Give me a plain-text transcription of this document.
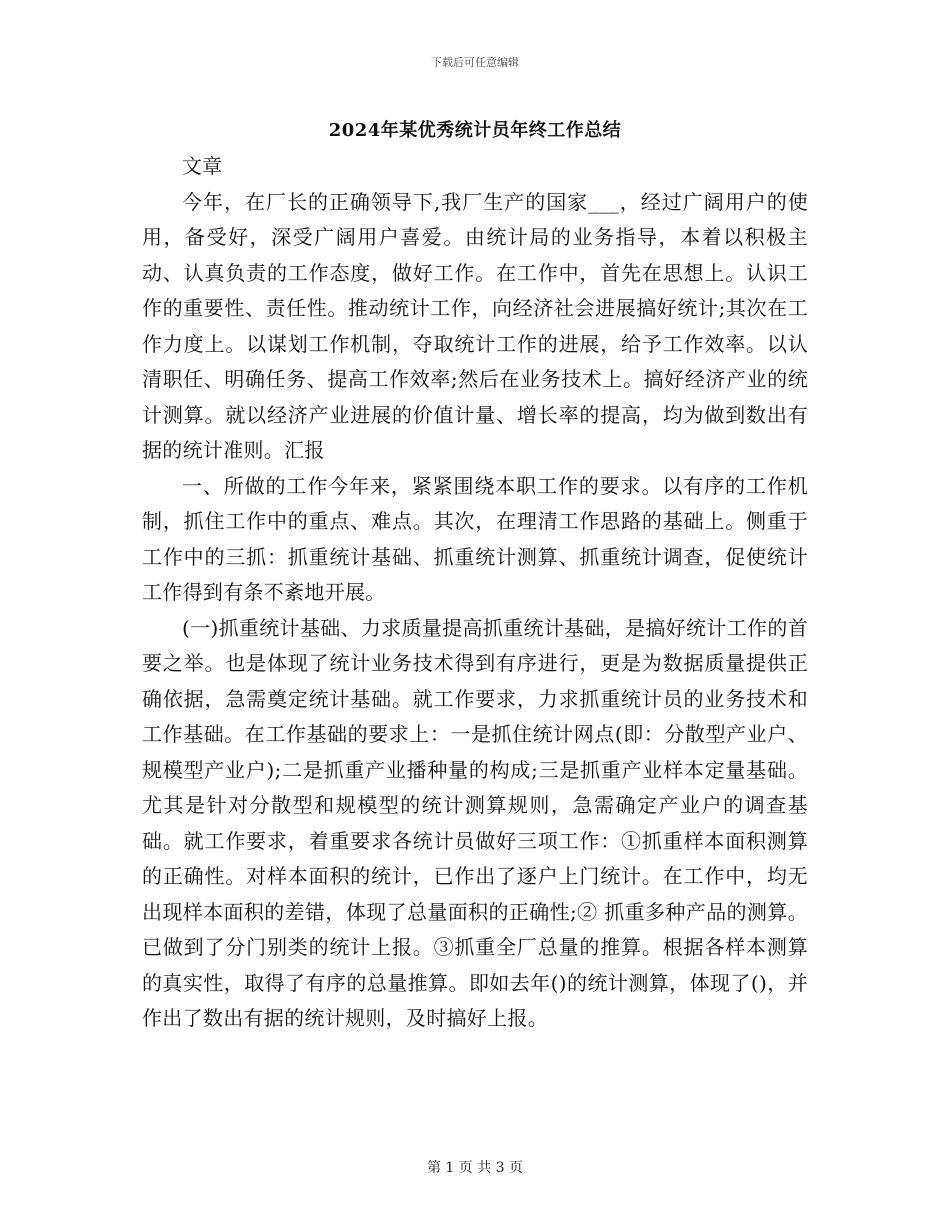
下载后可任意编辑
2024年某优秀统计员年终工作总结

文章

今年，在厂长的正确领导下,我厂生产的国家___，经过广阔用户的使用，备受好，深受广阔用户喜爱。由统计局的业务指导，本着以积极主动、认真负责的工作态度，做好工作。在工作中，首先在思想上。认识工作的重要性、责任性。推动统计工作，向经济社会进展搞好统计;其次在工作力度上。以谋划工作机制，夺取统计工作的进展，给予工作效率。以认清职任、明确任务、提高工作效率;然后在业务技术上。搞好经济产业的统计测算。就以经济产业进展的价值计量、增长率的提高，均为做到数出有据的统计准则。汇报

一、所做的工作今年来，紧紧围绕本职工作的要求。以有序的工作机制，抓住工作中的重点、难点。其次，在理清工作思路的基础上。侧重于工作中的三抓：抓重统计基础、抓重统计测算、抓重统计调查，促使统计工作得到有条不紊地开展。

(一)抓重统计基础、力求质量提高抓重统计基础，是搞好统计工作的首要之举。也是体现了统计业务技术得到有序进行，更是为数据质量提供正确依据，急需奠定统计基础。就工作要求，力求抓重统计员的业务技术和工作基础。在工作基础的要求上：一是抓住统计网点(即：分散型产业户、规模型产业户);二是抓重产业播种量的构成;三是抓重产业样本定量基础。尤其是针对分散型和规模型的统计测算规则，急需确定产业户的调查基础。就工作要求，着重要求各统计员做好三项工作：①抓重样本面积测算的正确性。对样本面积的统计，已作出了逐户上门统计。在工作中，均无出现样本面积的差错，体现了总量面积的正确性;② 抓重多种产品的测算。已做到了分门别类的统计上报。③抓重全厂总量的推算。根据各样本测算的真实性，取得了有序的总量推算。即如去年()的统计测算，体现了()，并作出了数出有据的统计规则，及时搞好上报。

第 1 页 共 3 页
